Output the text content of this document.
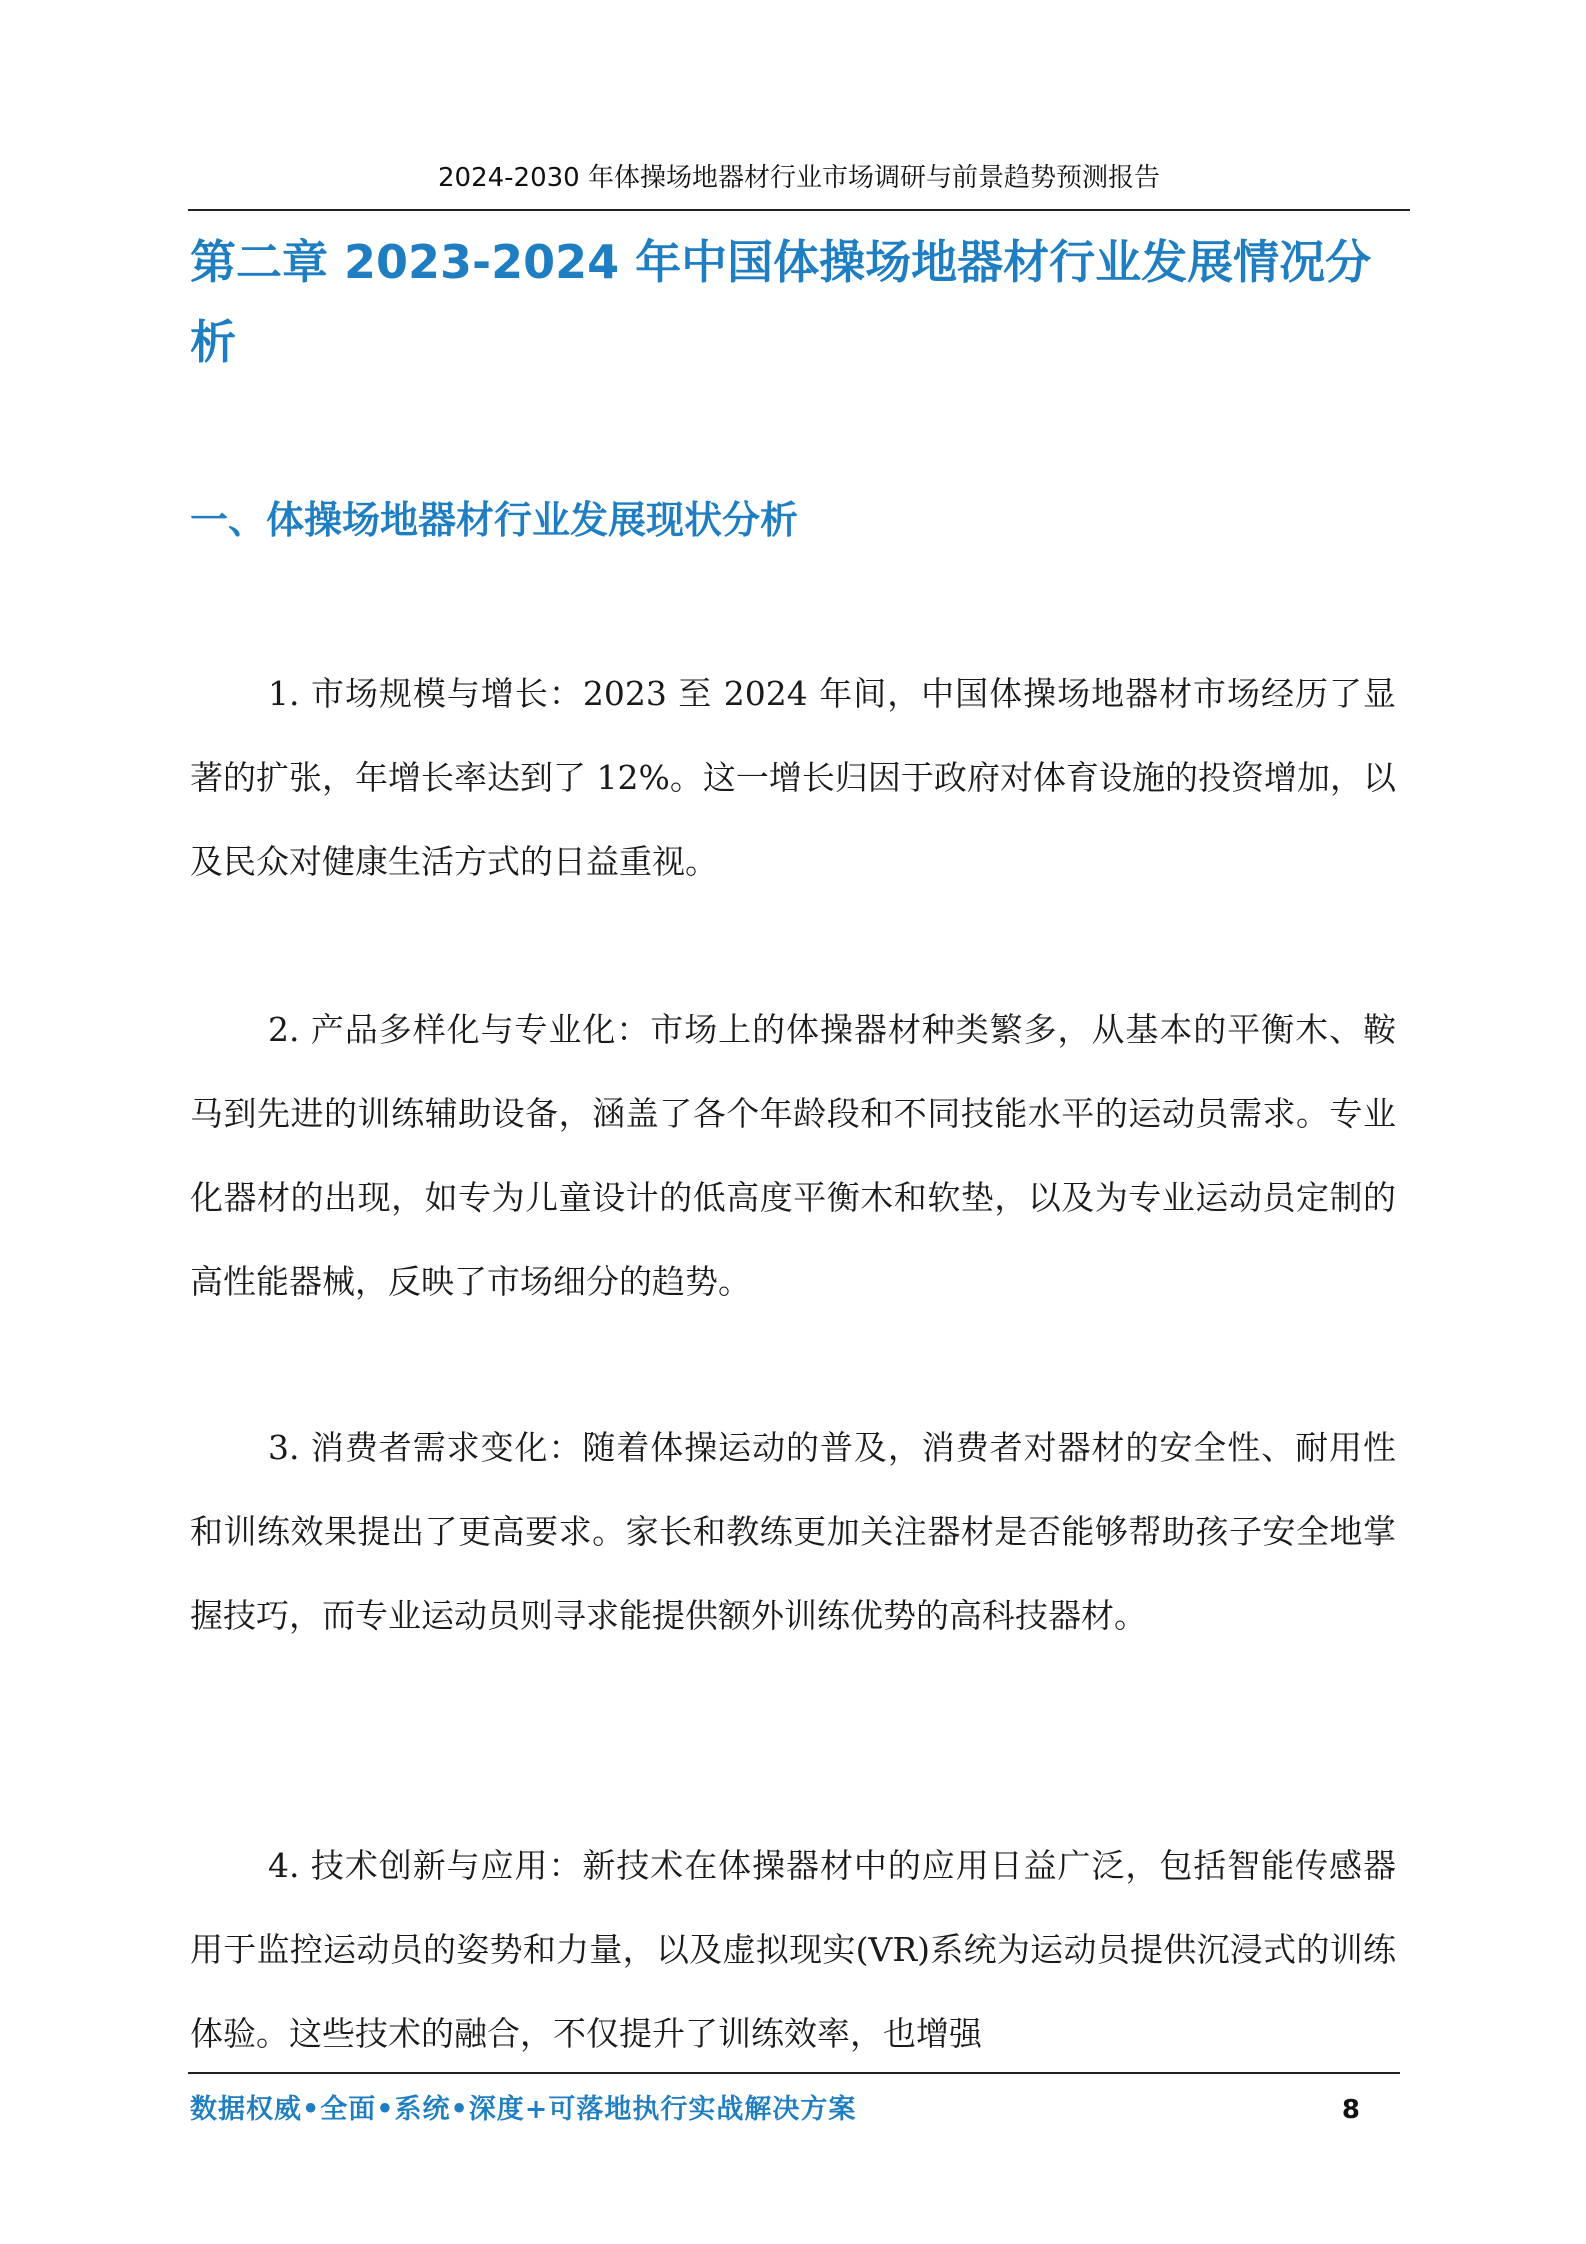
2024-2030 年体操场地器材行业市场调研与前景趋势预测报告
第二章 2023-2024 年中国体操场地器材行业发展情况分析
一、体操场地器材行业发展现状分析

1. 市场规模与增长：2023 至 2024 年间，中国体操场地器材市场经历了显著的扩张，年增长率达到了 12%。这一增长归因于政府对体育设施的投资增加，以及民众对健康生活方式的日益重视。

2. 产品多样化与专业化：市场上的体操器材种类繁多，从基本的平衡木、鞍马到先进的训练辅助设备，涵盖了各个年龄段和不同技能水平的运动员需求。专业化器材的出现，如专为儿童设计的低高度平衡木和软垫，以及为专业运动员定制的高性能器械，反映了市场细分的趋势。

3. 消费者需求变化：随着体操运动的普及，消费者对器材的安全性、耐用性和训练效果提出了更高要求。家长和教练更加关注器材是否能够帮助孩子安全地掌握技巧，而专业运动员则寻求能提供额外训练优势的高科技器材。

4. 技术创新与应用：新技术在体操器材中的应用日益广泛，包括智能传感器用于监控运动员的姿势和力量，以及虚拟现实(VR)系统为运动员提供沉浸式的训练体验。这些技术的融合，不仅提升了训练效率，也增强

数据权威•全面•系统•深度+可落地执行实战解决方案	8
